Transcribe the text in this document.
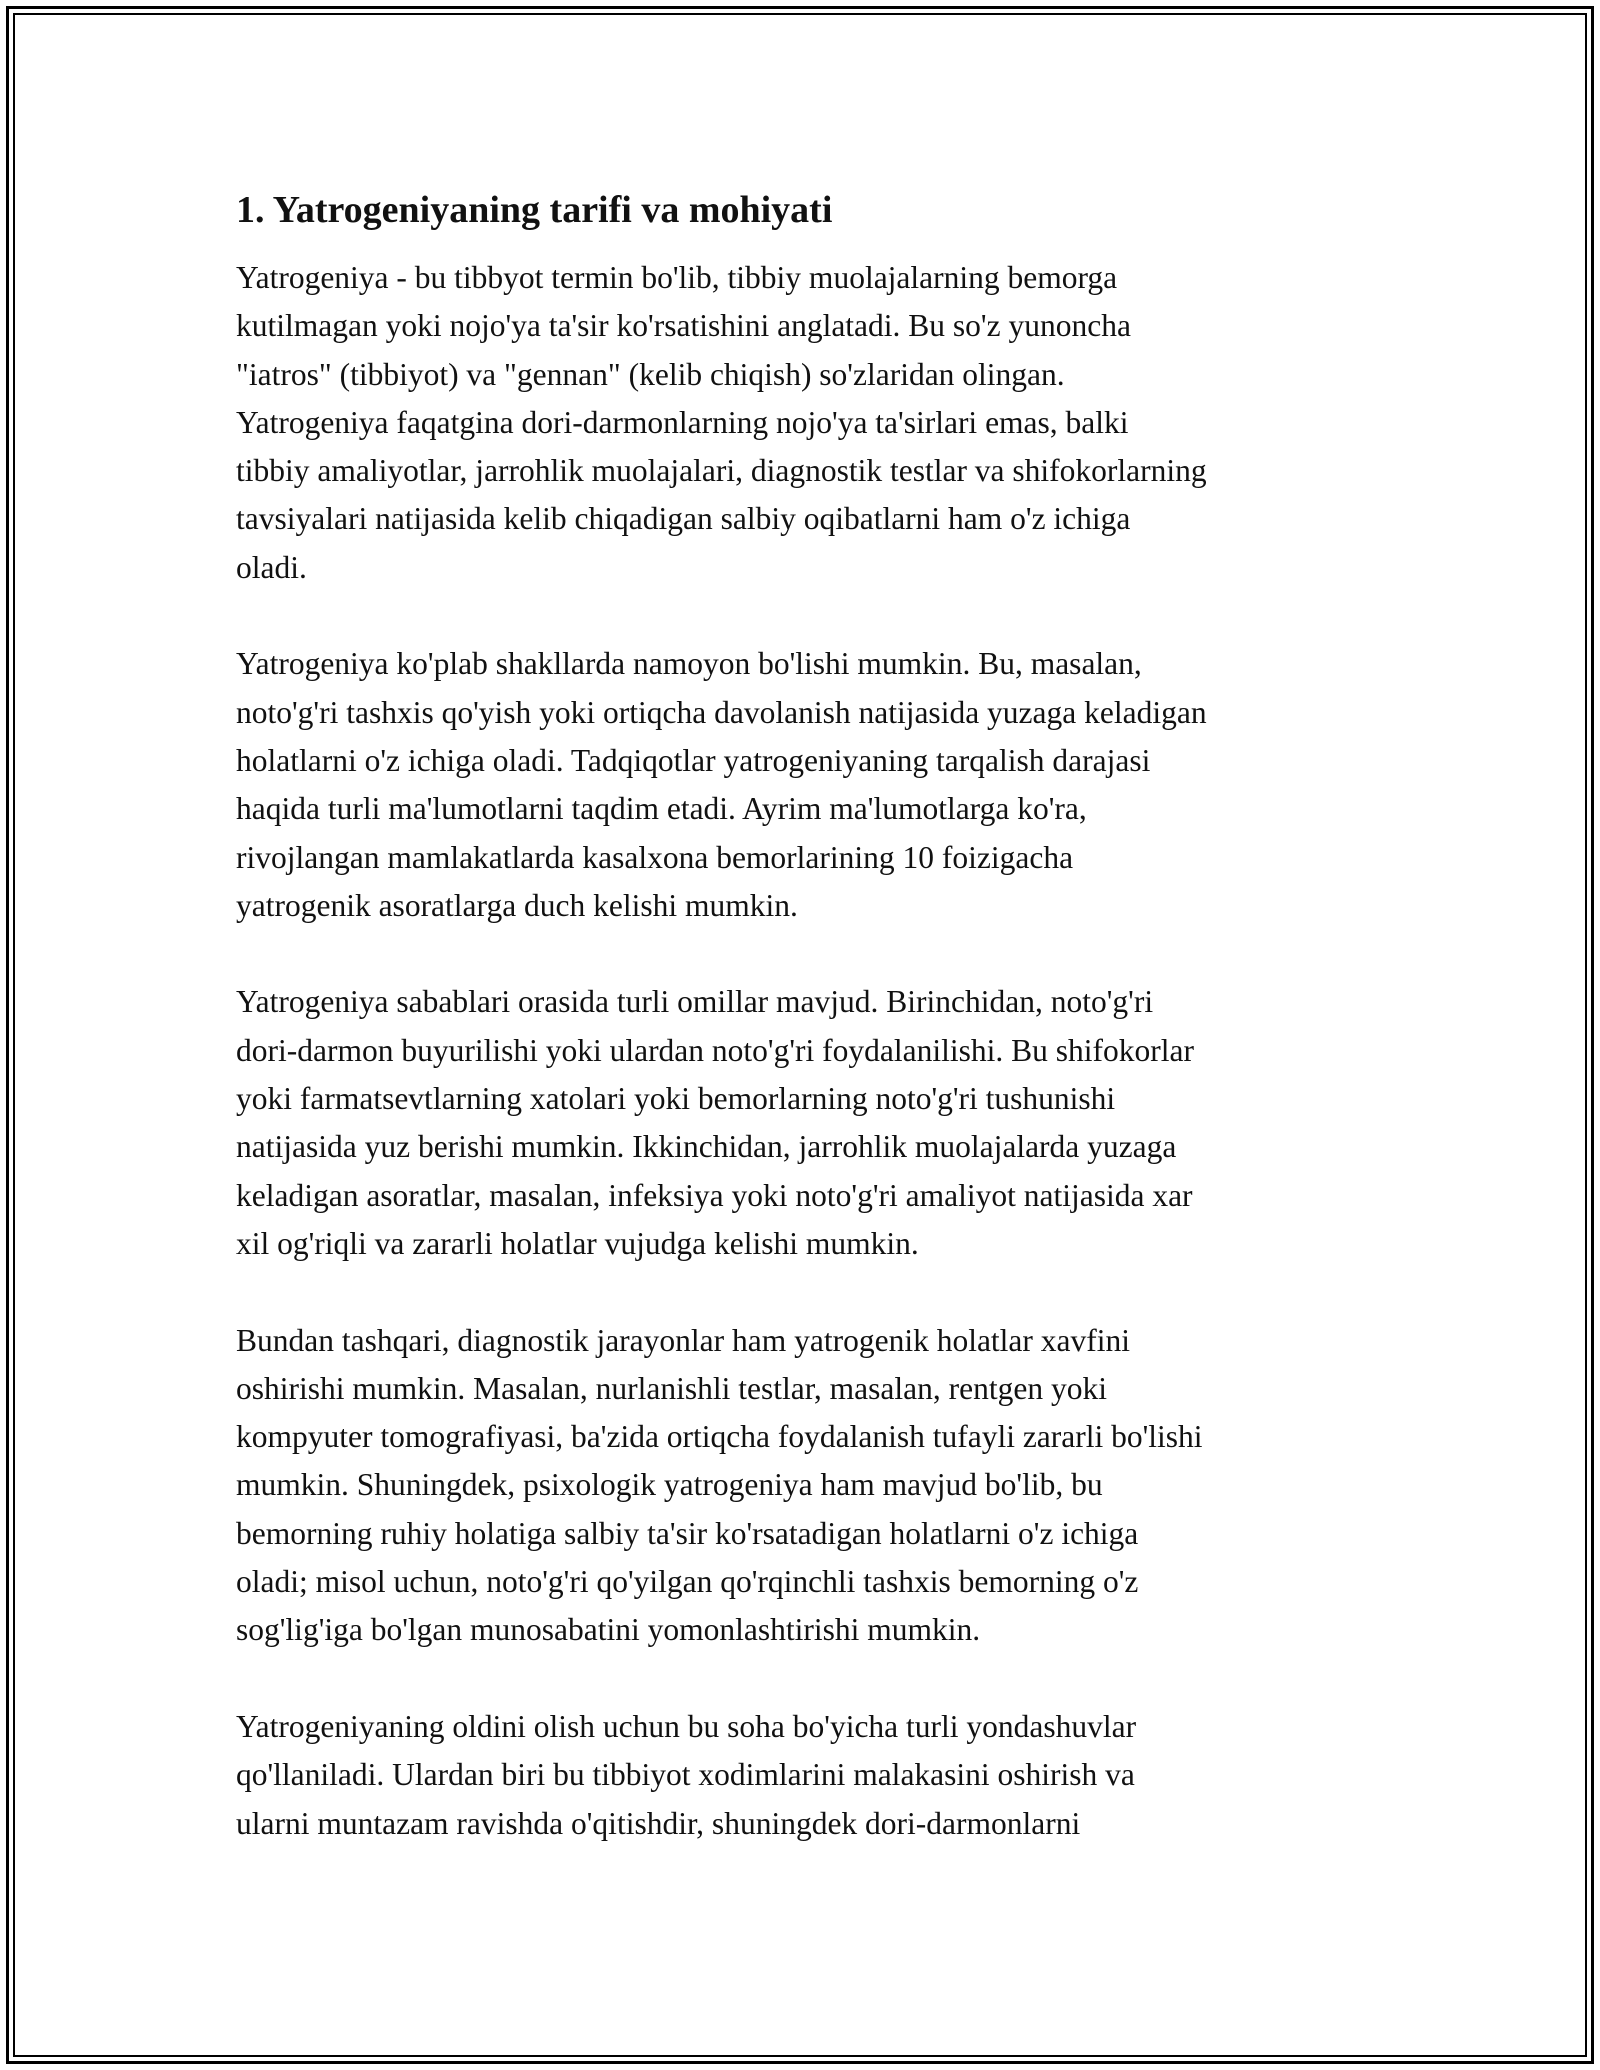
1. Yatrogeniyaning tarifi va mohiyati

Yatrogeniya - bu tibbyot termin bo'lib, tibbiy muolajalarning bemorga
kutilmagan yoki nojo'ya ta'sir ko'rsatishini anglatadi. Bu so'z yunoncha
"iatros" (tibbiyot) va "gennan" (kelib chiqish) so'zlaridan olingan.
Yatrogeniya faqatgina dori-darmonlarning nojo'ya ta'sirlari emas, balki
tibbiy amaliyotlar, jarrohlik muolajalari, diagnostik testlar va shifokorlarning
tavsiyalari natijasida kelib chiqadigan salbiy oqibatlarni ham o'z ichiga
oladi.

Yatrogeniya ko'plab shakllarda namoyon bo'lishi mumkin. Bu, masalan,
noto'g'ri tashxis qo'yish yoki ortiqcha davolanish natijasida yuzaga keladigan
holatlarni o'z ichiga oladi. Tadqiqotlar yatrogeniyaning tarqalish darajasi
haqida turli ma'lumotlarni taqdim etadi. Ayrim ma'lumotlarga ko'ra,
rivojlangan mamlakatlarda kasalxona bemorlarining 10 foizigacha
yatrogenik asoratlarga duch kelishi mumkin.

Yatrogeniya sabablari orasida turli omillar mavjud. Birinchidan, noto'g'ri
dori-darmon buyurilishi yoki ulardan noto'g'ri foydalanilishi. Bu shifokorlar
yoki farmatsevtlarning xatolari yoki bemorlarning noto'g'ri tushunishi
natijasida yuz berishi mumkin. Ikkinchidan, jarrohlik muolajalarda yuzaga
keladigan asoratlar, masalan, infeksiya yoki noto'g'ri amaliyot natijasida xar
xil og'riqli va zararli holatlar vujudga kelishi mumkin.

Bundan tashqari, diagnostik jarayonlar ham yatrogenik holatlar xavfini
oshirishi mumkin. Masalan, nurlanishli testlar, masalan, rentgen yoki
kompyuter tomografiyasi, ba'zida ortiqcha foydalanish tufayli zararli bo'lishi
mumkin. Shuningdek, psixologik yatrogeniya ham mavjud bo'lib, bu
bemorning ruhiy holatiga salbiy ta'sir ko'rsatadigan holatlarni o'z ichiga
oladi; misol uchun, noto'g'ri qo'yilgan qo'rqinchli tashxis bemorning o'z
sog'lig'iga bo'lgan munosabatini yomonlashtirishi mumkin.

Yatrogeniyaning oldini olish uchun bu soha bo'yicha turli yondashuvlar
qo'llaniladi. Ulardan biri bu tibbiyot xodimlarini malakasini oshirish va
ularni muntazam ravishda o'qitishdir, shuningdek dori-darmonlarni
